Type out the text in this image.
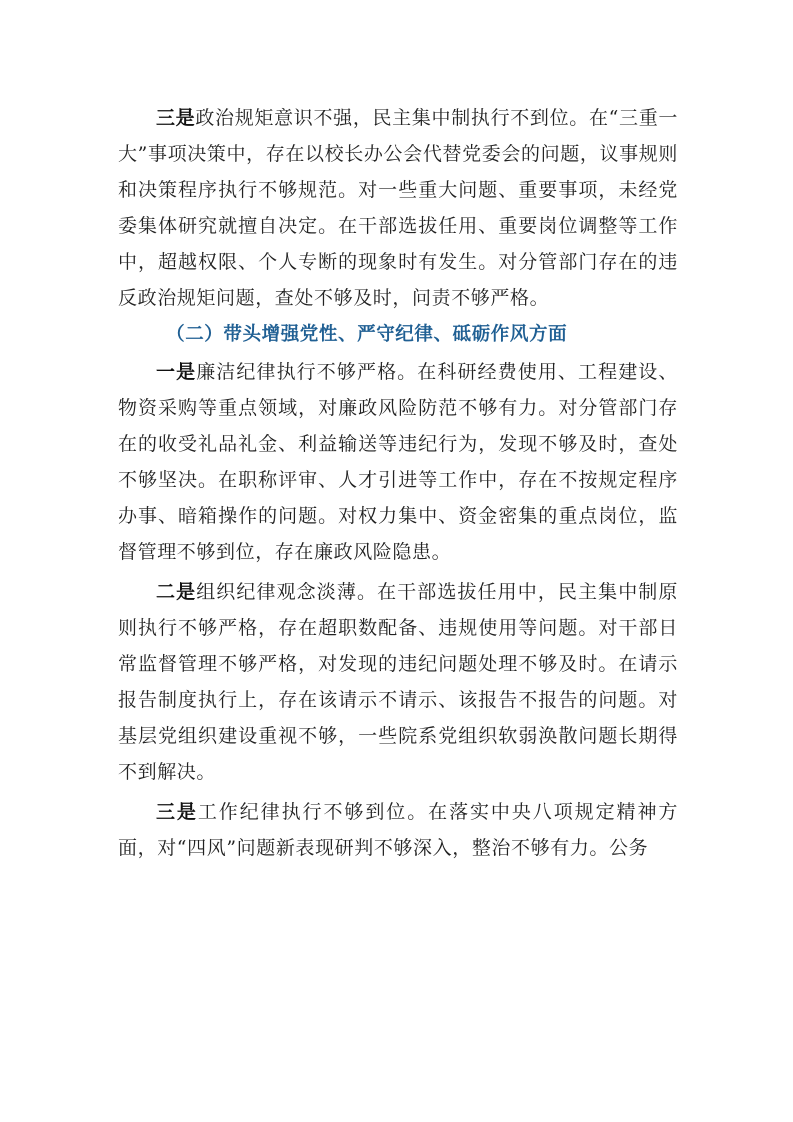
三是政治规矩意识不强，民主集中制执行不到位。在“三重一大”事项决策中，存在以校长办公会代替党委会的问题，议事规则和决策程序执行不够规范。对一些重大问题、重要事项，未经党委集体研究就擅自决定。在干部选拔任用、重要岗位调整等工作中，超越权限、个人专断的现象时有发生。对分管部门存在的违反政治规矩问题，查处不够及时，问责不够严格。

（二）带头增强党性、严守纪律、砥砺作风方面

一是廉洁纪律执行不够严格。在科研经费使用、工程建设、物资采购等重点领域，对廉政风险防范不够有力。对分管部门存在的收受礼品礼金、利益输送等违纪行为，发现不够及时，查处不够坚决。在职称评审、人才引进等工作中，存在不按规定程序办事、暗箱操作的问题。对权力集中、资金密集的重点岗位，监督管理不够到位，存在廉政风险隐患。

二是组织纪律观念淡薄。在干部选拔任用中，民主集中制原则执行不够严格，存在超职数配备、违规使用等问题。对干部日常监督管理不够严格，对发现的违纪问题处理不够及时。在请示报告制度执行上，存在该请示不请示、该报告不报告的问题。对基层党组织建设重视不够，一些院系党组织软弱涣散问题长期得不到解决。

三是工作纪律执行不够到位。在落实中央八项规定精神方面，对“四风”问题新表现研判不够深入，整治不够有力。公务
